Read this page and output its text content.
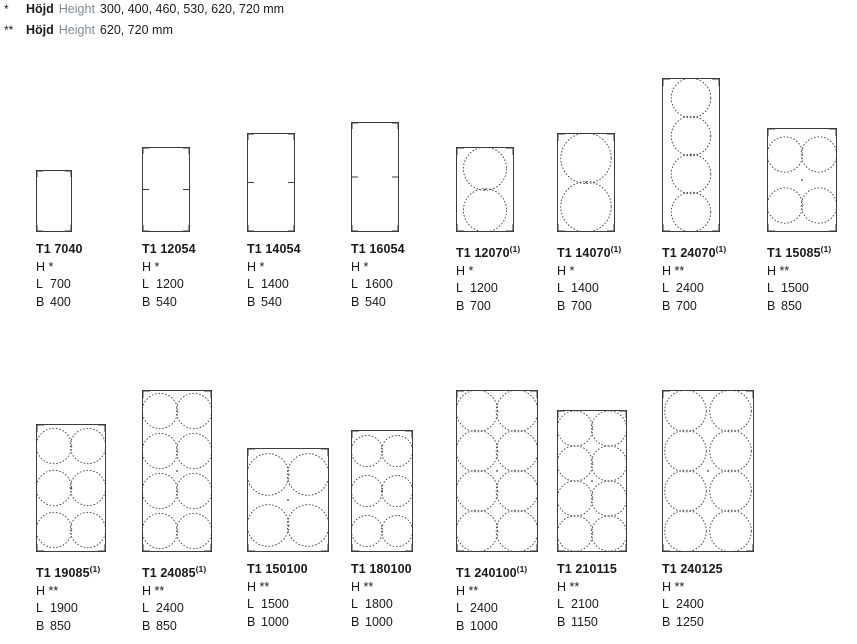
*	Höjd Height 300, 400, 460, 530, 620, 720 mm
**	Höjd Height 620, 720 mm
T1 7040
H *
L 700
B 400
T1 12054
H *
L 1200
B 540
T1 14054
H *
L 1400
B 540
T1 16054
H *
L 1600
B 540
T1 12070$^{(1)}$
H *
L 1200
B 700
T1 14070$^{(1)}$
H *
L 1400
B 700
T1 24070$^{(1)}$
H **
L 2400
B 700
T1 15085$^{(1)}$
H **
L 1500
B 850
T1 19085$^{(1)}$
H **
L 1900
B 850
T1 24085$^{(1)}$
H **
L 2400
B 850
T1 150100
H **
L 1500
B 1000
T1 180100
H **
L 1800
B 1000
T1 240100$^{(1)}$
H **
L 2400
B 1000
T1 210115
H **
L 2100
B 1150
T1 240125
H **
L 2400
B 1250
